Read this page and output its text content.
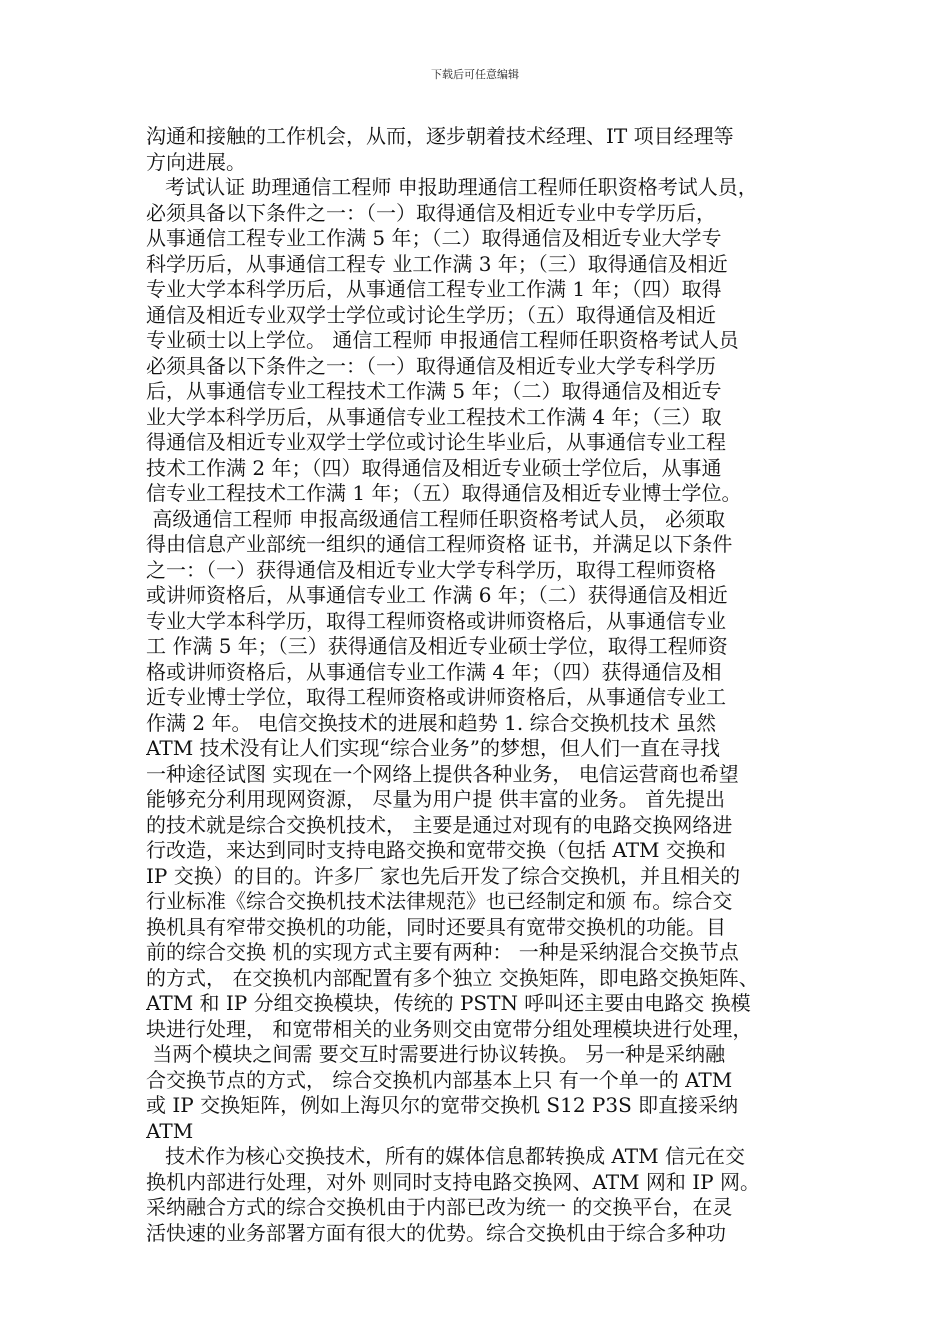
下载后可任意编辑
沟通和接触的工作机会，从而，逐步朝着技术经理、IT 项目经理等
方向进展。
考试认证 助理通信工程师 申报助理通信工程师任职资格考试人员，
必须具备以下条件之一：（一）取得通信及相近专业中专学历后，
从事通信工程专业工作满 5 年；（二）取得通信及相近专业大学专
科学历后，从事通信工程专 业工作满 3 年；（三）取得通信及相近
专业大学本科学历后，从事通信工程专业工作满 1 年；（四）取得
通信及相近专业双学士学位或讨论生学历；（五）取得通信及相近
专业硕士以上学位。 通信工程师 申报通信工程师任职资格考试人员
必须具备以下条件之一：（一）取得通信及相近专业大学专科学历
后，从事通信专业工程技术工作满 5 年；（二）取得通信及相近专
业大学本科学历后，从事通信专业工程技术工作满 4 年；（三）取
得通信及相近专业双学士学位或讨论生毕业后，从事通信专业工程
技术工作满 2 年；（四）取得通信及相近专业硕士学位后，从事通
信专业工程技术工作满 1 年；（五）取得通信及相近专业博士学位。
高级通信工程师 申报高级通信工程师任职资格考试人员， 必须取
得由信息产业部统一组织的通信工程师资格 证书，并满足以下条件
之一：（一）获得通信及相近专业大学专科学历，取得工程师资格
或讲师资格后，从事通信专业工 作满 6 年；（二）获得通信及相近
专业大学本科学历，取得工程师资格或讲师资格后，从事通信专业
工 作满 5 年；（三）获得通信及相近专业硕士学位，取得工程师资
格或讲师资格后，从事通信专业工作满 4 年；（四）获得通信及相
近专业博士学位，取得工程师资格或讲师资格后，从事通信专业工
作满 2 年。 电信交换技术的进展和趋势 1. 综合交换机技术 虽然
ATM 技术没有让人们实现“综合业务”的梦想，但人们一直在寻找
一种途径试图 实现在一个网络上提供各种业务， 电信运营商也希望
能够充分利用现网资源， 尽量为用户提 供丰富的业务。 首先提出
的技术就是综合交换机技术， 主要是通过对现有的电路交换网络进
行改造，来达到同时支持电路交换和宽带交换（包括 ATM 交换和
IP 交换）的目的。许多厂 家也先后开发了综合交换机，并且相关的
行业标准《综合交换机技术法律规范》也已经制定和颁 布。综合交
换机具有窄带交换机的功能，同时还要具有宽带交换机的功能。目
前的综合交换 机的实现方式主要有两种： 一种是采纳混合交换节点
的方式， 在交换机内部配置有多个独立 交换矩阵，即电路交换矩阵、
ATM 和 IP 分组交换模块，传统的 PSTN 呼叫还主要由电路交 换模
块进行处理， 和宽带相关的业务则交由宽带分组处理模块进行处理，
当两个模块之间需 要交互时需要进行协议转换。 另一种是采纳融
合交换节点的方式， 综合交换机内部基本上只 有一个单一的 ATM
或 IP 交换矩阵，例如上海贝尔的宽带交换机 S12 P3S 即直接采纳
ATM
技术作为核心交换技术，所有的媒体信息都转换成 ATM 信元在交
换机内部进行处理，对外 则同时支持电路交换网、ATM 网和 IP 网。
采纳融合方式的综合交换机由于内部已改为统一 的交换平台，在灵
活快速的业务部署方面有很大的优势。综合交换机由于综合多种功
